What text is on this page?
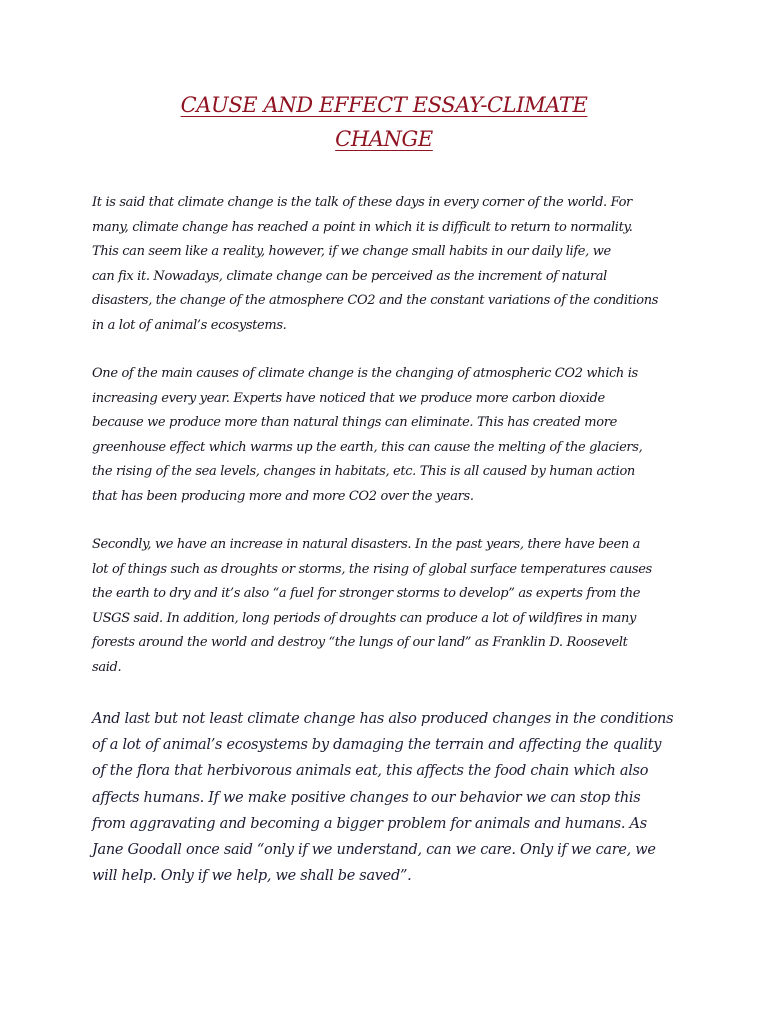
CAUSE AND EFFECT ESSAY-CLIMATE
CHANGE

It is said that climate change is the talk of these days in every corner of the world. For
many, climate change has reached a point in which it is difficult to return to normality.
This can seem like a reality, however, if we change small habits in our daily life, we
can fix it. Nowadays, climate change can be perceived as the increment of natural
disasters, the change of the atmosphere CO2 and the constant variations of the conditions
in a lot of animal’s ecosystems.

One of the main causes of climate change is the changing of atmospheric CO2 which is
increasing every year. Experts have noticed that we produce more carbon dioxide
because we produce more than natural things can eliminate. This has created more
greenhouse effect which warms up the earth, this can cause the melting of the glaciers,
the rising of the sea levels, changes in habitats, etc. This is all caused by human action
that has been producing more and more CO2 over the years.

Secondly, we have an increase in natural disasters. In the past years, there have been a
lot of things such as droughts or storms, the rising of global surface temperatures causes
the earth to dry and it’s also “a fuel for stronger storms to develop” as experts from the
USGS said. In addition, long periods of droughts can produce a lot of wildfires in many
forests around the world and destroy “the lungs of our land” as Franklin D. Roosevelt
said.

And last but not least climate change has also produced changes in the conditions
of a lot of animal’s ecosystems by damaging the terrain and affecting the quality
of the flora that herbivorous animals eat, this affects the food chain which also
affects humans. If we make positive changes to our behavior we can stop this
from aggravating and becoming a bigger problem for animals and humans. As
Jane Goodall once said “only if we understand, can we care. Only if we care, we
will help. Only if we help, we shall be saved”.
